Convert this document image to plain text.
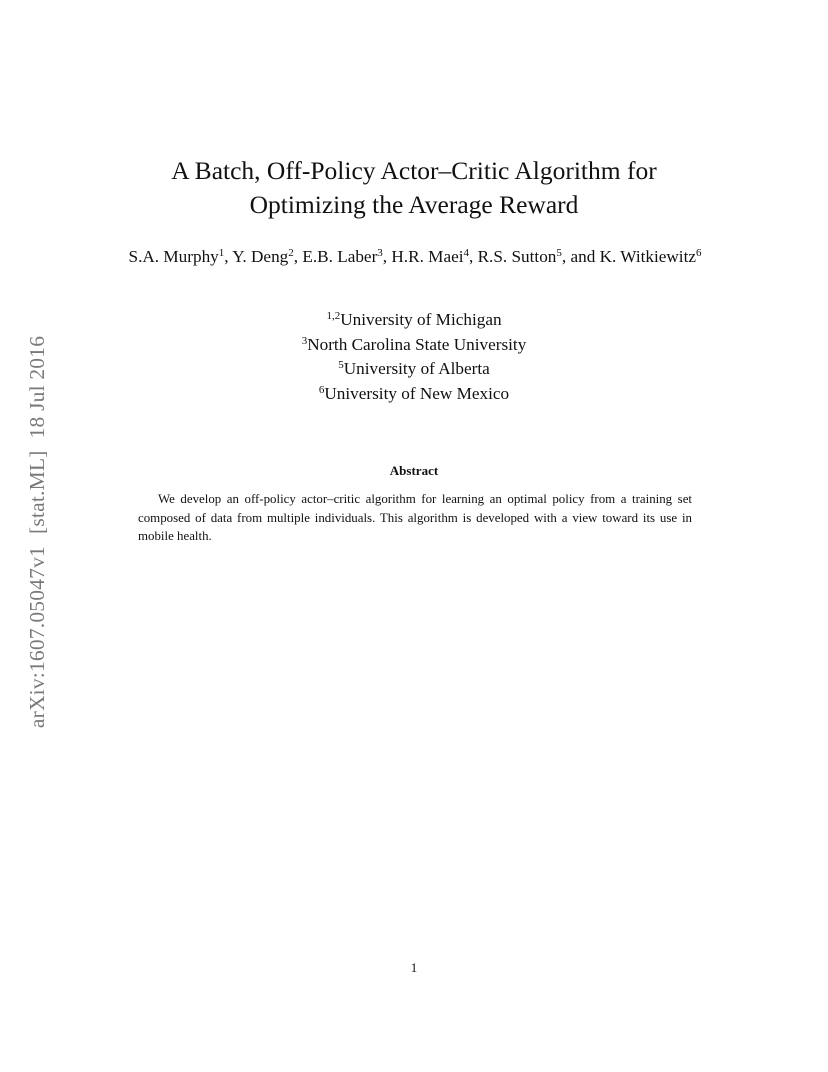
arXiv:1607.05047v1[stat.ML]18 Jul 2016
A Batch, Off-Policy Actor–Critic Algorithm for
Optimizing the Average Reward
S.A. Murphy$^1$, Y. Deng$^2$, E.B. Laber$^3$, H.R. Maei$^4$, R.S. Sutton$^5$, and K. Witkiewitz$^6$
$^{1,2}$University of Michigan
$^3$North Carolina State University
$^5$University of Alberta
$^6$University of New Mexico
Abstract

We develop an off-policy actor–critic algorithm for learning an optimal policy from a training set composed of data from multiple individuals. This algorithm is developed with a view toward its use in mobile health.

1
